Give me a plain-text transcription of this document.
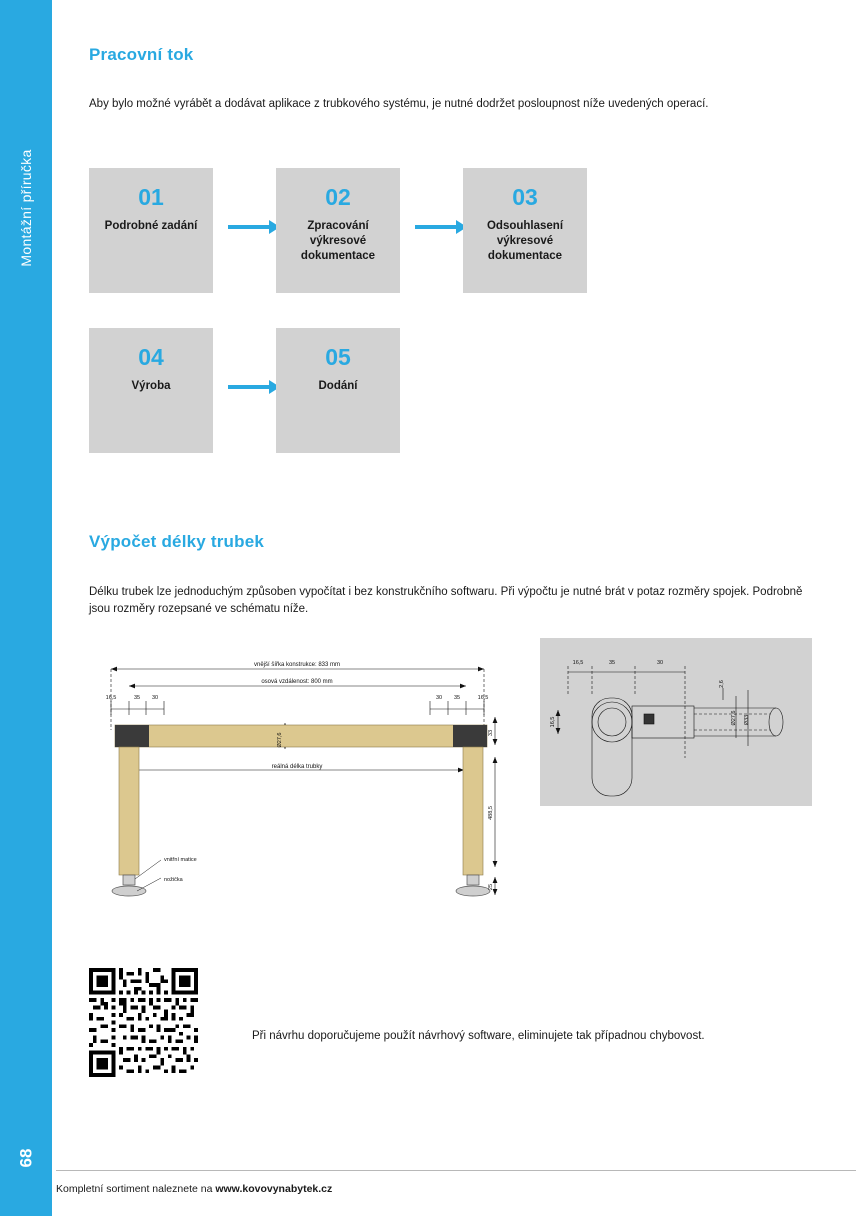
Montážní příručka
68
Pracovní tok

Aby bylo možné vyrábět a dodávat aplikace z trubkového systému, je nutné dodržet posloupnost níže uvedených operací.

01
Podrobné zadání
02
Zpracování výkresové dokumentace
03
Odsouhlasení výkresové dokumentace
04
Výroba
05
Dodání
Výpočet délky trubek

Délku trubek lze jednoduchým způsoben vypočítat i bez konstrukčního softwaru. Při výpočtu je nutné brát v potaz rozměry spojek. Podrobně jsou rozměry rozepsané ve schématu níže.

vnější šířka konstrukce: 833 mm
osová vzdálenost: 800 mm
16,5	35 30	30 35	16,5
Ø27,6
reálná délka trubky
33
488,5
25
vnitřní matice
nožička
16,5	35	30
16,5
2,6
Ø27,6 Ø33

Při návrhu doporučujeme použít návrhový software, eliminujete tak případnou chybovost.

Kompletní sortiment naleznete na www.kovovynabytek.cz
